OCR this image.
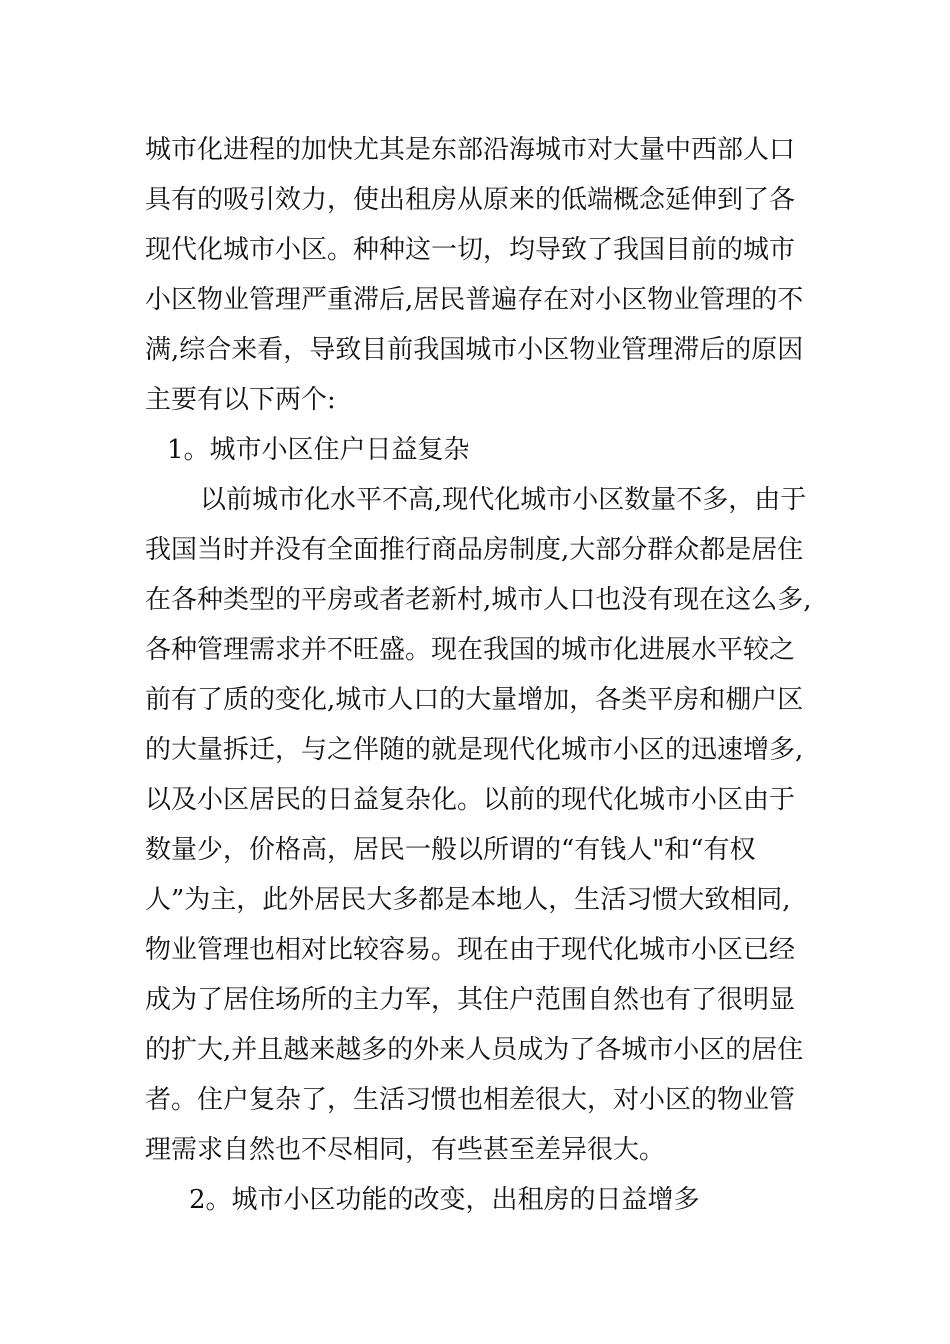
城市化进程的加快尤其是东部沿海城市对大量中西部人口
具有的吸引效力，使出租房从原来的低端概念延伸到了各
现代化城市小区。种种这一切，均导致了我国目前的城市
小区物业管理严重滞后,居民普遍存在对小区物业管理的不
满,综合来看，导致目前我国城市小区物业管理滞后的原因
主要有以下两个:
1。城市小区住户日益复杂
以前城市化水平不高,现代化城市小区数量不多，由于
我国当时并没有全面推行商品房制度,大部分群众都是居住
在各种类型的平房或者老新村,城市人口也没有现在这么多,
各种管理需求并不旺盛。现在我国的城市化进展水平较之
前有了质的变化,城市人口的大量增加，各类平房和棚户区
的大量拆迁，与之伴随的就是现代化城市小区的迅速增多,
以及小区居民的日益复杂化。以前的现代化城市小区由于
数量少，价格高，居民一般以所谓的“有钱人"和“有权
人”为主，此外居民大多都是本地人，生活习惯大致相同,
物业管理也相对比较容易。现在由于现代化城市小区已经
成为了居住场所的主力军，其住户范围自然也有了很明显
的扩大,并且越来越多的外来人员成为了各城市小区的居住
者。住户复杂了，生活习惯也相差很大，对小区的物业管
理需求自然也不尽相同，有些甚至差异很大。
2。城市小区功能的改变，出租房的日益增多
